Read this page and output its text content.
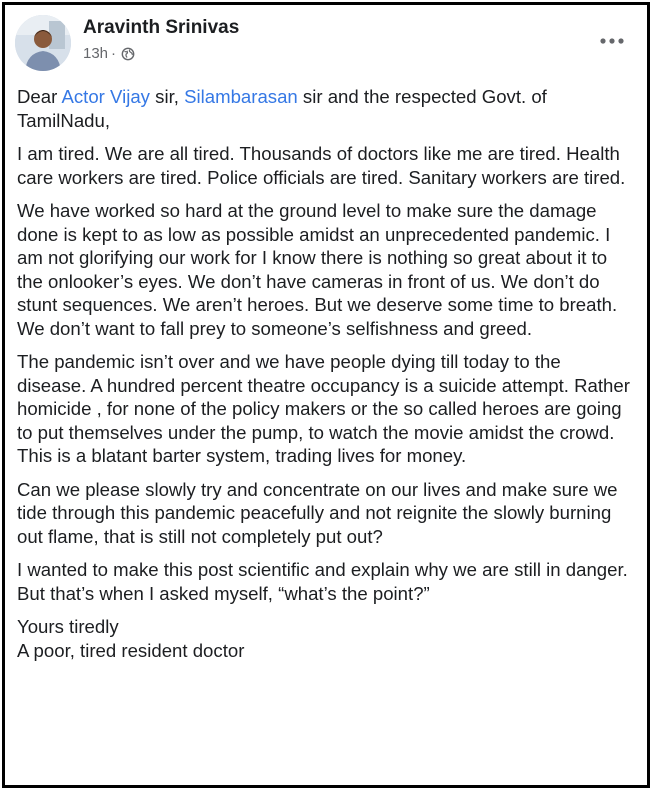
Aravinth Srinivas
13h ·

Dear Actor Vijay sir, Silambarasan sir and the respected Govt. of TamilNadu,

I am tired. We are all tired. Thousands of doctors like me are tired. Health care workers are tired. Police officials are tired. Sanitary workers are tired.

We have worked so hard at the ground level to make sure the damage done is kept to as low as possible amidst an unprecedented pandemic. I am not glorifying our work for I know there is nothing so great about it to the onlooker’s eyes. We don’t have cameras in front of us. We don’t do stunt sequences. We aren’t heroes. But we deserve some time to breath. We don’t want to fall prey to someone’s selfishness and greed.

The pandemic isn’t over and we have people dying till today to the disease. A hundred percent theatre occupancy is a suicide attempt. Rather homicide , for none of the policy makers or the so called heroes are going to put themselves under the pump, to watch the movie amidst the crowd. This is a blatant barter system, trading lives for money.

Can we please slowly try and concentrate on our lives and make sure we tide through this pandemic peacefully and not reignite the slowly burning out flame, that is still not completely put out?

I wanted to make this post scientific and explain why we are still in danger. But that’s when I asked myself, “what’s the point?”

Yours tiredly
A poor, tired resident doctor
